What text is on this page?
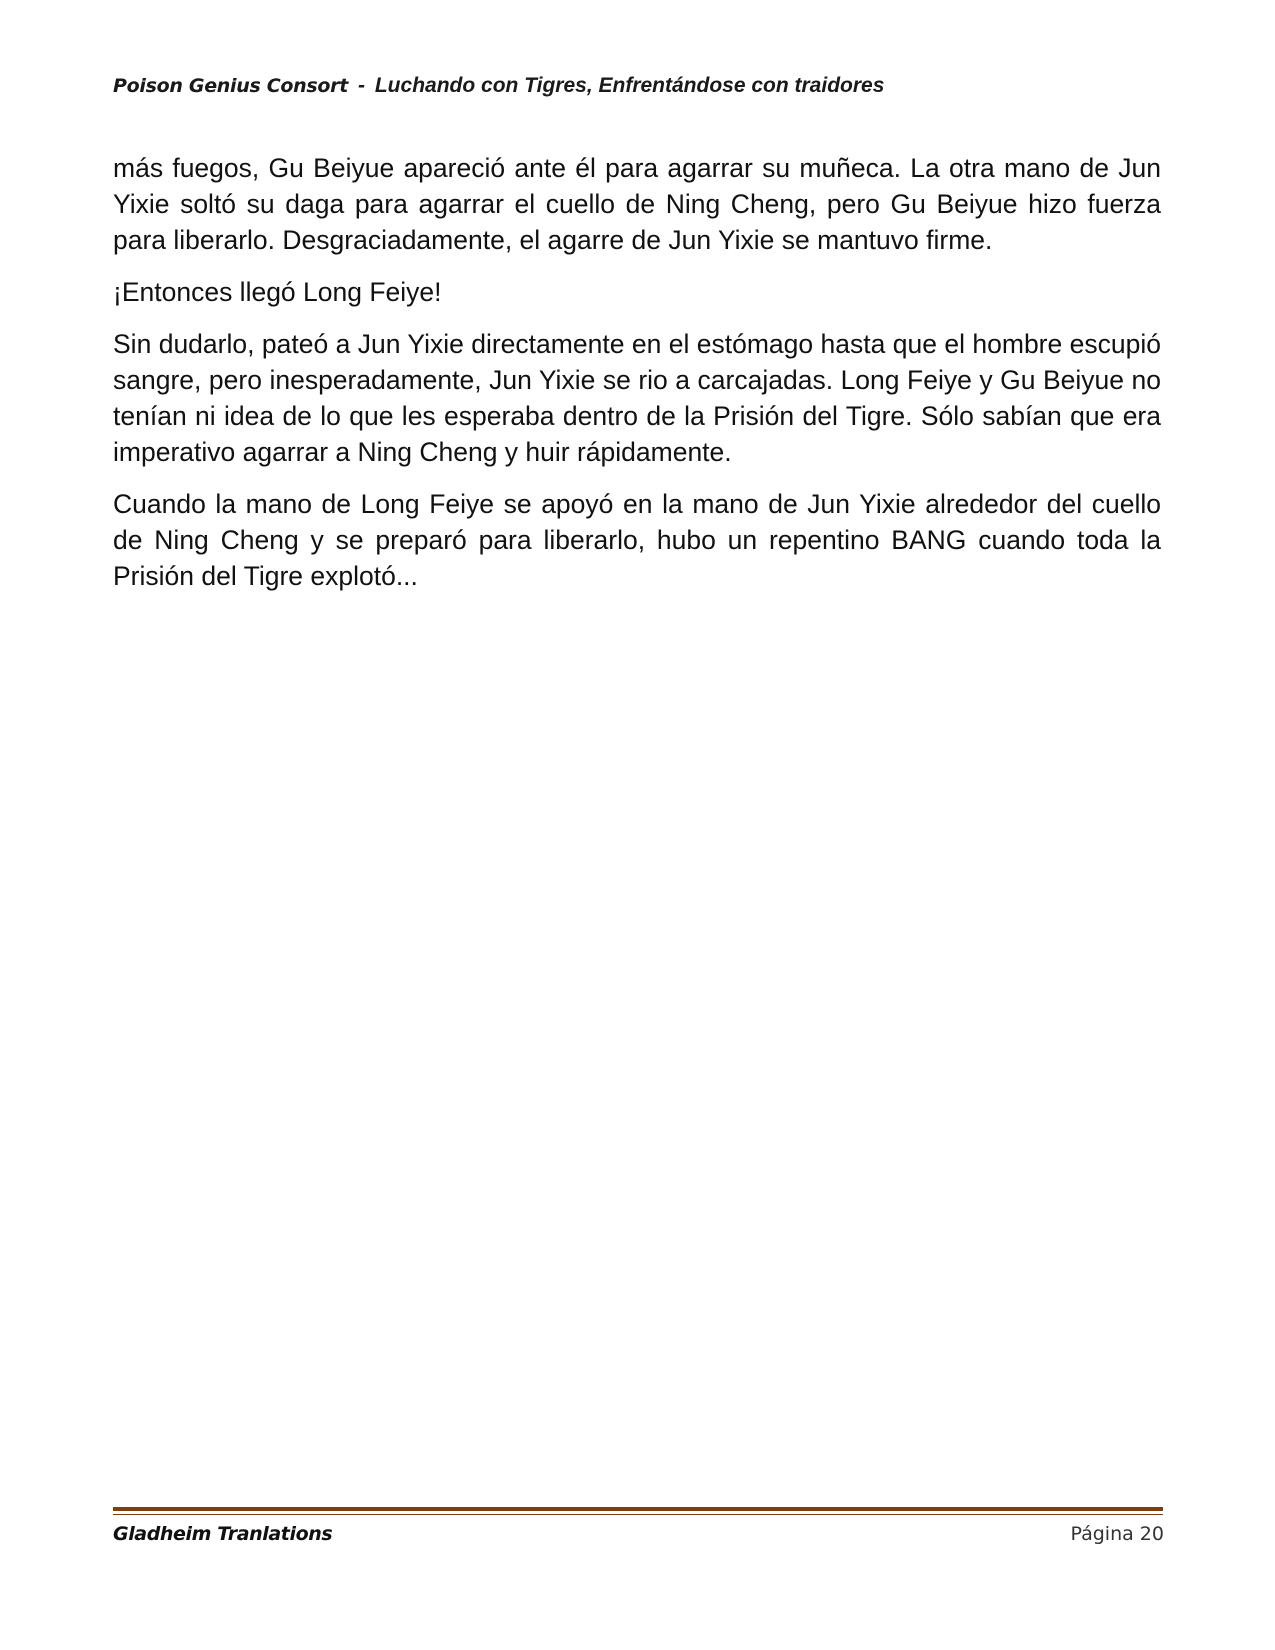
Poison Genius Consort - Luchando con Tigres, Enfrentándose con traidores

más fuegos, Gu Beiyue apareció ante él para agarrar su muñeca. La otra mano de Jun Yixie soltó su daga para agarrar el cuello de Ning Cheng, pero Gu Beiyue hizo fuerza para liberarlo. Desgraciadamente, el agarre de Jun Yixie se mantuvo firme.

¡Entonces llegó Long Feiye!

Sin dudarlo, pateó a Jun Yixie directamente en el estómago hasta que el hombre escupió sangre, pero inesperadamente, Jun Yixie se rio a carcajadas. Long Feiye y Gu Beiyue no tenían ni idea de lo que les esperaba dentro de la Prisión del Tigre. Sólo sabían que era imperativo agarrar a Ning Cheng y huir rápidamente.

Cuando la mano de Long Feiye se apoyó en la mano de Jun Yixie alrededor del cuello de Ning Cheng y se preparó para liberarlo, hubo un repentino BANG cuando toda la Prisión del Tigre explotó...

Gladheim Tranlations	Página 20
